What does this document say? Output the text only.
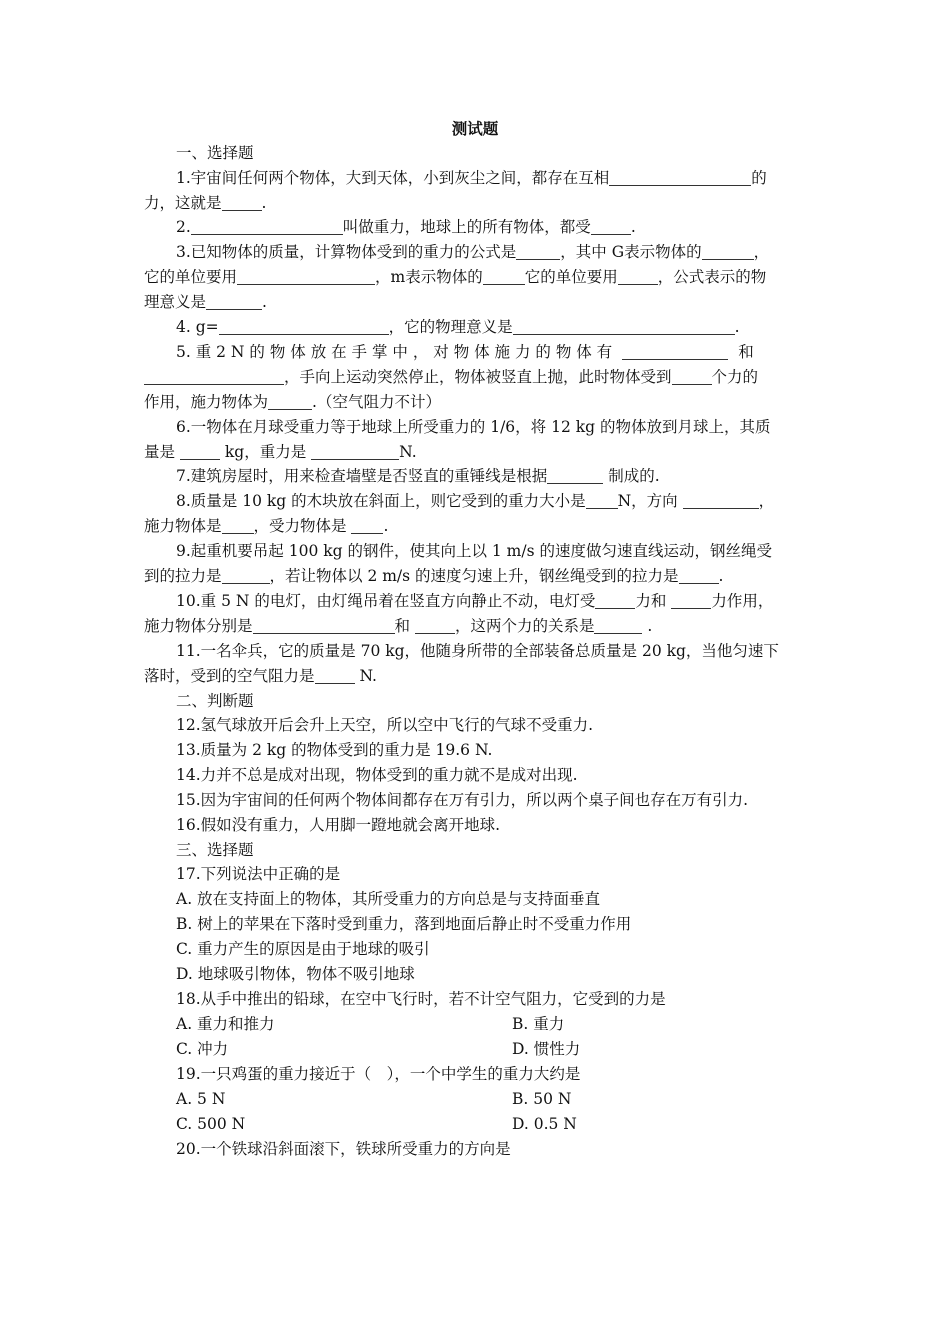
测试题
一、选择题
1.宇宙间任何两个物体，大到天体，小到灰尘之间，都存在互相	的
力，这就是	.
2.	叫做重力，地球上的所有物体，都受	.
3.已知物体的质量，计算物体受到的重力的公式是	，其中 G表示物体的	，
它的单位要用	，m表示物体的	它的单位要用	，公式表示的物
理意义是	.
4. g=	，它的物理意义是	.
5. 重 2 N 的 物 体 放 在 手 掌 中 ， 对 物 体 施 力 的 物 体 有	和
，手向上运动突然停止，物体被竖直上抛，此时物体受到	个力的
作用，施力物体为	.（空气阻力不计）
6.一物体在月球受重力等于地球上所受重力的 1/6，将 12 kg 的物体放到月球上，其质
量是	kg，重力是	N.
7.建筑房屋时，用来检查墙壁是否竖直的重锤线是根据	制成的.
8.质量是 10 kg 的木块放在斜面上，则它受到的重力大小是 N，方向	，
施力物体是 ，受力物体是 .
9.起重机要吊起 100 kg 的钢件，使其向上以 1 m/s 的速度做匀速直线运动，钢丝绳受
到的拉力是	，若让物体以 2 m/s 的速度匀速上升，钢丝绳受到的拉力是	.
10.重 5 N 的电灯，由灯绳吊着在竖直方向静止不动，电灯受	力和	力作用，
施力物体分别是	和	，这两个力的关系是	.
11.一名伞兵，它的质量是 70 kg，他随身所带的全部装备总质量是 20 kg，当他匀速下
落时，受到的空气阻力是	N.
二、判断题
12.氢气球放开后会升上天空，所以空中飞行的气球不受重力.
13.质量为 2 kg 的物体受到的重力是 19.6 N.
14.力并不总是成对出现，物体受到的重力就不是成对出现.
15.因为宇宙间的任何两个物体间都存在万有引力，所以两个桌子间也存在万有引力.
16.假如没有重力，人用脚一蹬地就会离开地球.
三、选择题
17.下列说法中正确的是
A. 放在支持面上的物体，其所受重力的方向总是与支持面垂直
B. 树上的苹果在下落时受到重力，落到地面后静止时不受重力作用
C. 重力产生的原因是由于地球的吸引
D. 地球吸引物体，物体不吸引地球
18.从手中推出的铅球，在空中飞行时，若不计空气阻力，它受到的力是
A. 重力和推力	B. 重力
C. 冲力	D. 惯性力
19.一只鸡蛋的重力接近于（　），一个中学生的重力大约是
A. 5 N	B. 50 N
C. 500 N	D. 0.5 N
20.一个铁球沿斜面滚下，铁球所受重力的方向是
